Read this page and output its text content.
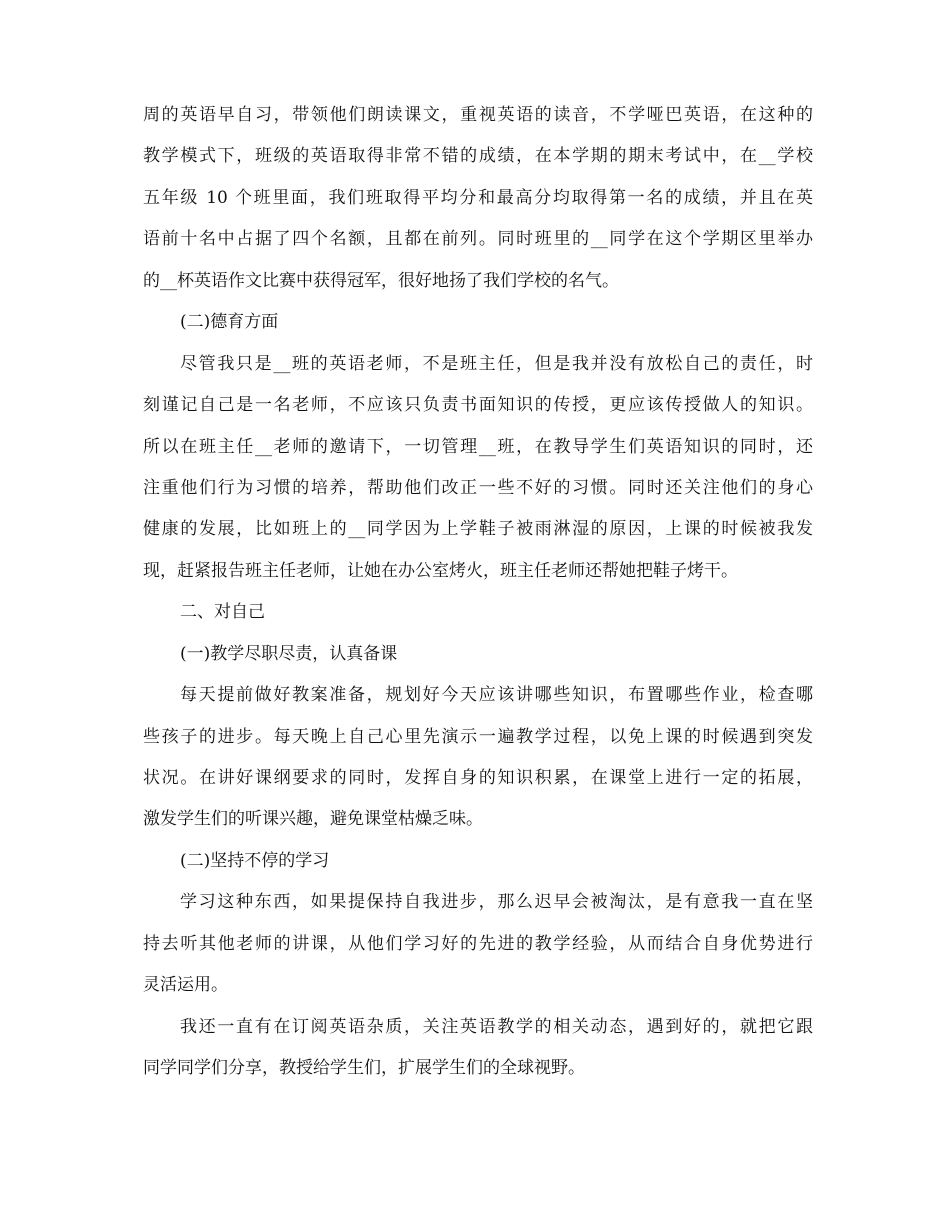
周的英语早自习，带领他们朗读课文，重视英语的读音，不学哑巴英语，在这种的
教学模式下，班级的英语取得非常不错的成绩，在本学期的期末考试中，在__学校
五年级 10 个班里面，我们班取得平均分和最高分均取得第一名的成绩，并且在英
语前十名中占据了四个名额，且都在前列。同时班里的__同学在这个学期区里举办
的__杯英语作文比赛中获得冠军，很好地扬了我们学校的名气。
(二)德育方面
尽管我只是__班的英语老师，不是班主任，但是我并没有放松自己的责任，时
刻谨记自己是一名老师，不应该只负责书面知识的传授，更应该传授做人的知识。
所以在班主任__老师的邀请下，一切管理__班，在教导学生们英语知识的同时，还
注重他们行为习惯的培养，帮助他们改正一些不好的习惯。同时还关注他们的身心
健康的发展，比如班上的__同学因为上学鞋子被雨淋湿的原因，上课的时候被我发
现，赶紧报告班主任老师，让她在办公室烤火，班主任老师还帮她把鞋子烤干。
二、对自己
(一)教学尽职尽责，认真备课
每天提前做好教案准备，规划好今天应该讲哪些知识，布置哪些作业，检查哪
些孩子的进步。每天晚上自己心里先演示一遍教学过程，以免上课的时候遇到突发
状况。在讲好课纲要求的同时，发挥自身的知识积累，在课堂上进行一定的拓展，
激发学生们的听课兴趣，避免课堂枯燥乏味。
(二)坚持不停的学习
学习这种东西，如果提保持自我进步，那么迟早会被淘汰，是有意我一直在坚
持去听其他老师的讲课，从他们学习好的先进的教学经验，从而结合自身优势进行
灵活运用。
我还一直有在订阅英语杂质，关注英语教学的相关动态，遇到好的，就把它跟
同学同学们分享，教授给学生们，扩展学生们的全球视野。
